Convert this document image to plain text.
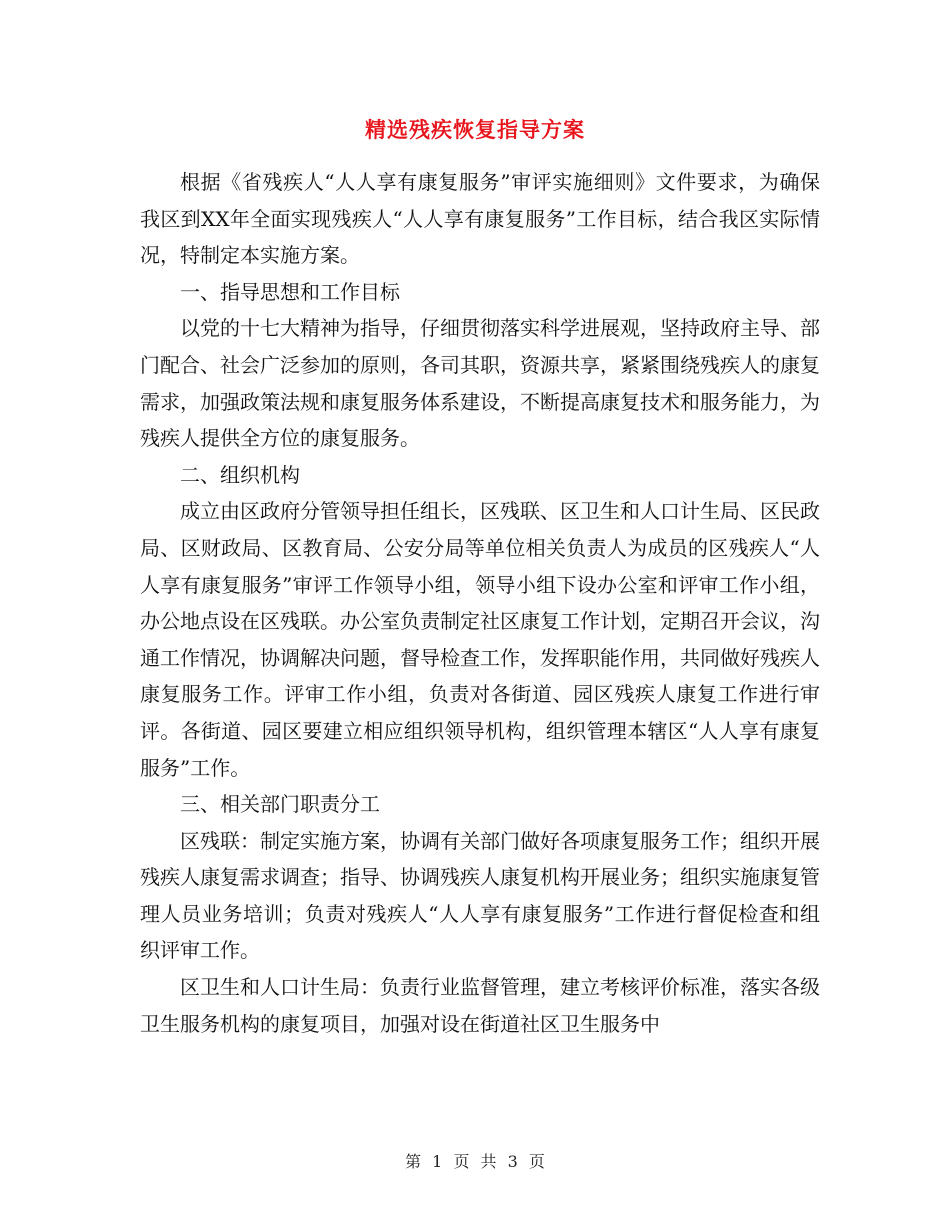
精选残疾恢复指导方案

根据《省残疾人“人人享有康复服务”审评实施细则》文件要求，为确保我区到XX年全面实现残疾人“人人享有康复服务”工作目标，结合我区实际情况，特制定本实施方案。

一、指导思想和工作目标

以党的十七大精神为指导，仔细贯彻落实科学进展观，坚持政府主导、部门配合、社会广泛参加的原则，各司其职，资源共享，紧紧围绕残疾人的康复需求，加强政策法规和康复服务体系建设，不断提高康复技术和服务能力，为残疾人提供全方位的康复服务。

二、组织机构

成立由区政府分管领导担任组长，区残联、区卫生和人口计生局、区民政局、区财政局、区教育局、公安分局等单位相关负责人为成员的区残疾人“人人享有康复服务”审评工作领导小组，领导小组下设办公室和评审工作小组，办公地点设在区残联。办公室负责制定社区康复工作计划，定期召开会议，沟通工作情况，协调解决问题，督导检查工作，发挥职能作用，共同做好残疾人康复服务工作。评审工作小组，负责对各街道、园区残疾人康复工作进行审评。各街道、园区要建立相应组织领导机构，组织管理本辖区“人人享有康复服务”工作。

三、相关部门职责分工

区残联：制定实施方案，协调有关部门做好各项康复服务工作；组织开展残疾人康复需求调查；指导、协调残疾人康复机构开展业务；组织实施康复管理人员业务培训；负责对残疾人“人人享有康复服务”工作进行督促检查和组织评审工作。

区卫生和人口计生局：负责行业监督管理，建立考核评价标准，落实各级卫生服务机构的康复项目，加强对设在街道社区卫生服务中

第 1 页 共 3 页
